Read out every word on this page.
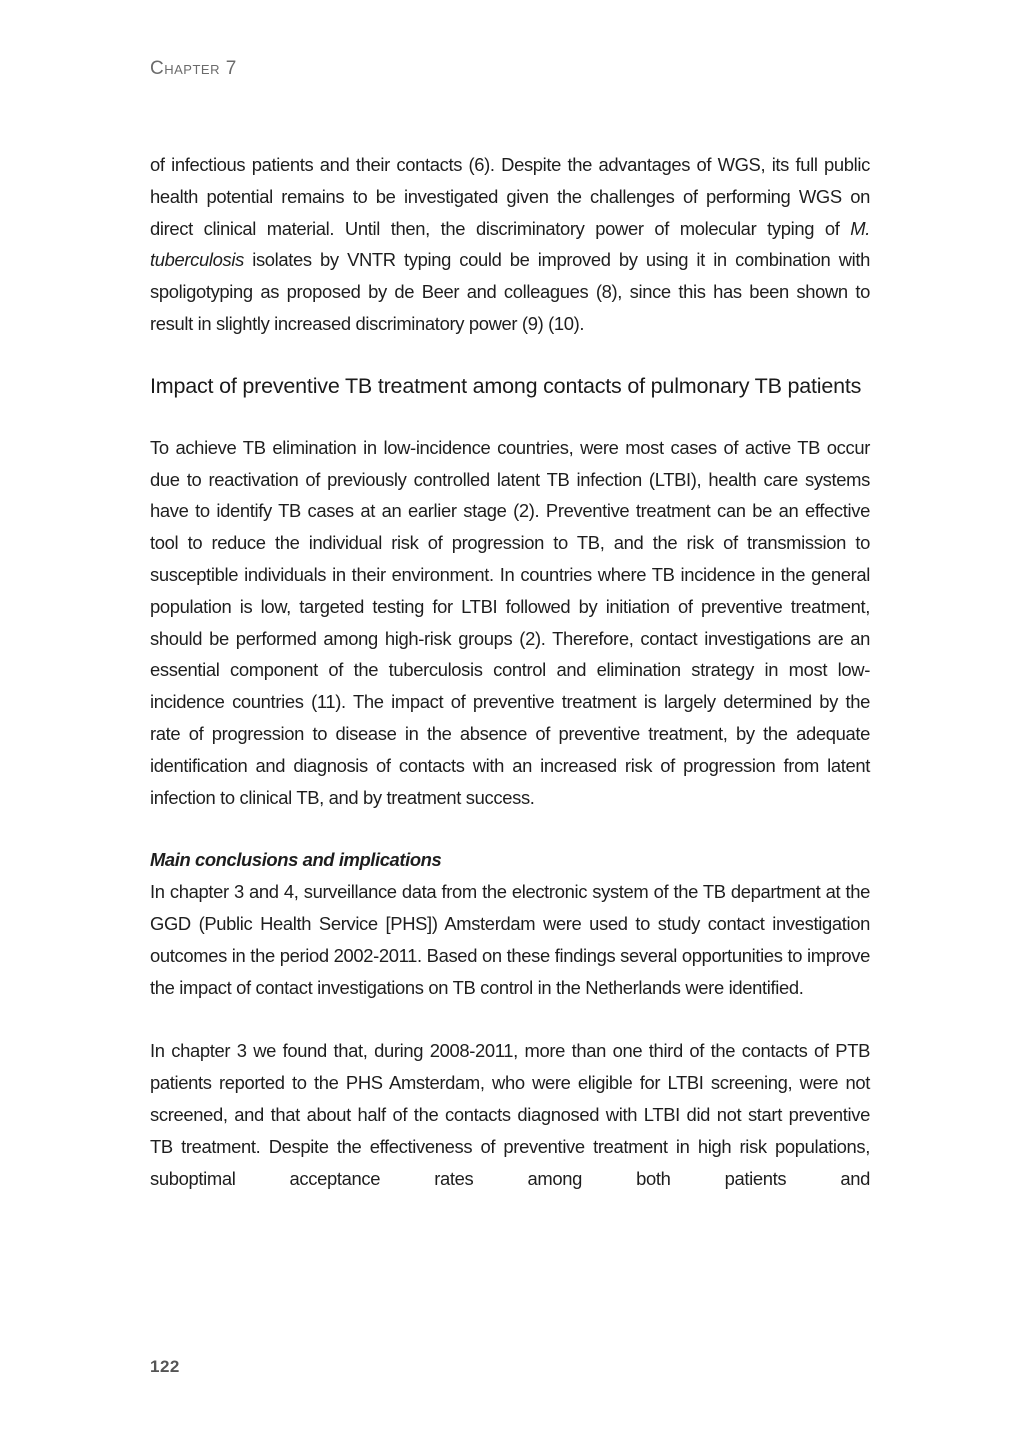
Chapter 7

of infectious patients and their contacts (6). Despite the advantages of WGS, its full public health potential remains to be investigated given the challenges of performing WGS on direct clinical material. Until then, the discriminatory power of molecular typing of M. tuberculosis isolates by VNTR typing could be improved by using it in combination with spoligotyping as proposed by de Beer and colleagues (8), since this has been shown to result in slightly increased discriminatory power (9) (10).

Impact of preventive TB treatment among contacts of pulmonary TB patients

To achieve TB elimination in low-incidence countries, were most cases of active TB occur due to reactivation of previously controlled latent TB infection (LTBI), health care systems have to identify TB cases at an earlier stage (2). Preventive treatment can be an effective tool to reduce the individual risk of progression to TB, and the risk of transmission to susceptible individuals in their environment. In countries where TB incidence in the general population is low, targeted testing for LTBI followed by initiation of preventive treatment, should be performed among high-risk groups (2). Therefore, contact investigations are an essential component of the tuberculosis control and elimination strategy in most low-incidence countries (11). The impact of preventive treatment is largely determined by the rate of progression to disease in the absence of preventive treatment, by the adequate identification and diagnosis of contacts with an increased risk of progression from latent infection to clinical TB, and by treatment success.

Main conclusions and implications

In chapter 3 and 4, surveillance data from the electronic system of the TB department at the GGD (Public Health Service [PHS]) Amsterdam were used to study contact investigation outcomes in the period 2002-2011. Based on these findings several opportunities to improve the impact of contact investigations on TB control in the Netherlands were identified.

In chapter 3 we found that, during 2008-2011, more than one third of the contacts of PTB patients reported to the PHS Amsterdam, who were eligible for LTBI screening, were not screened, and that about half of the contacts diagnosed with LTBI did not start preventive TB treatment. Despite the effectiveness of preventive treatment in high risk populations, suboptimal acceptance rates among both patients and

122
